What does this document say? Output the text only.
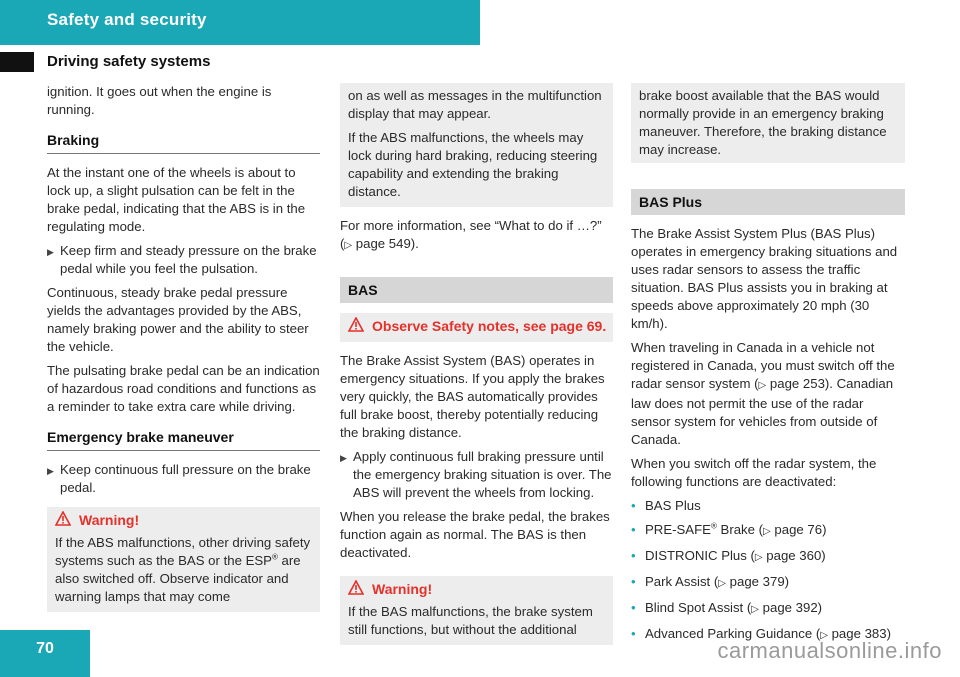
Safety and security
Driving safety systems

ignition. It goes out when the engine is running.

Braking

At the instant one of the wheels is about to lock up, a slight pulsation can be felt in the brake pedal, indicating that the ABS is in the regulating mode.

▶ Keep firm and steady pressure on the brake pedal while you feel the pulsation.

Continuous, steady brake pedal pressure yields the advantages provided by the ABS, namely braking power and the ability to steer the vehicle.

The pulsating brake pedal can be an indication of hazardous road conditions and functions as a reminder to take extra care while driving.

Emergency brake maneuver
▶ Keep continuous full pressure on the brake pedal.
Warning!

If the ABS malfunctions, other driving safety systems such as the BAS or the ESP® are also switched off. Observe indicator and warning lamps that may come

on as well as messages in the multifunction display that may appear.

If the ABS malfunctions, the wheels may lock during hard braking, reducing steering capability and extending the braking distance.

For more information, see “What to do if …?” (▷ page 549).

BAS
Observe Safety notes, see page 69.

The Brake Assist System (BAS) operates in emergency situations. If you apply the brakes very quickly, the BAS automatically provides full brake boost, thereby potentially reducing the braking distance.

▶ Apply continuous full braking pressure until the emergency braking situation is over. The ABS will prevent the wheels from locking.

When you release the brake pedal, the brakes function again as normal. The BAS is then deactivated.

Warning!

If the BAS malfunctions, the brake system still functions, but without the additional

brake boost available that the BAS would normally provide in an emergency braking maneuver. Therefore, the braking distance may increase.

BAS Plus

The Brake Assist System Plus (BAS Plus) operates in emergency braking situations and uses radar sensors to assess the traffic situation. BAS Plus assists you in braking at speeds above approximately 20 mph (30 km/h).

When traveling in Canada in a vehicle not registered in Canada, you must switch off the radar sensor system (▷ page 253). Canadian law does not permit the use of the radar sensor system for vehicles from outside of Canada.

When you switch off the radar system, the following functions are deactivated:

• BAS Plus
• PRE-SAFE® Brake (▷ page 76)
• DISTRONIC Plus (▷ page 360)
• Park Assist (▷ page 379)
• Blind Spot Assist (▷ page 392)
• Advanced Parking Guidance (▷ page 383)
70	carmanualsonline.info
